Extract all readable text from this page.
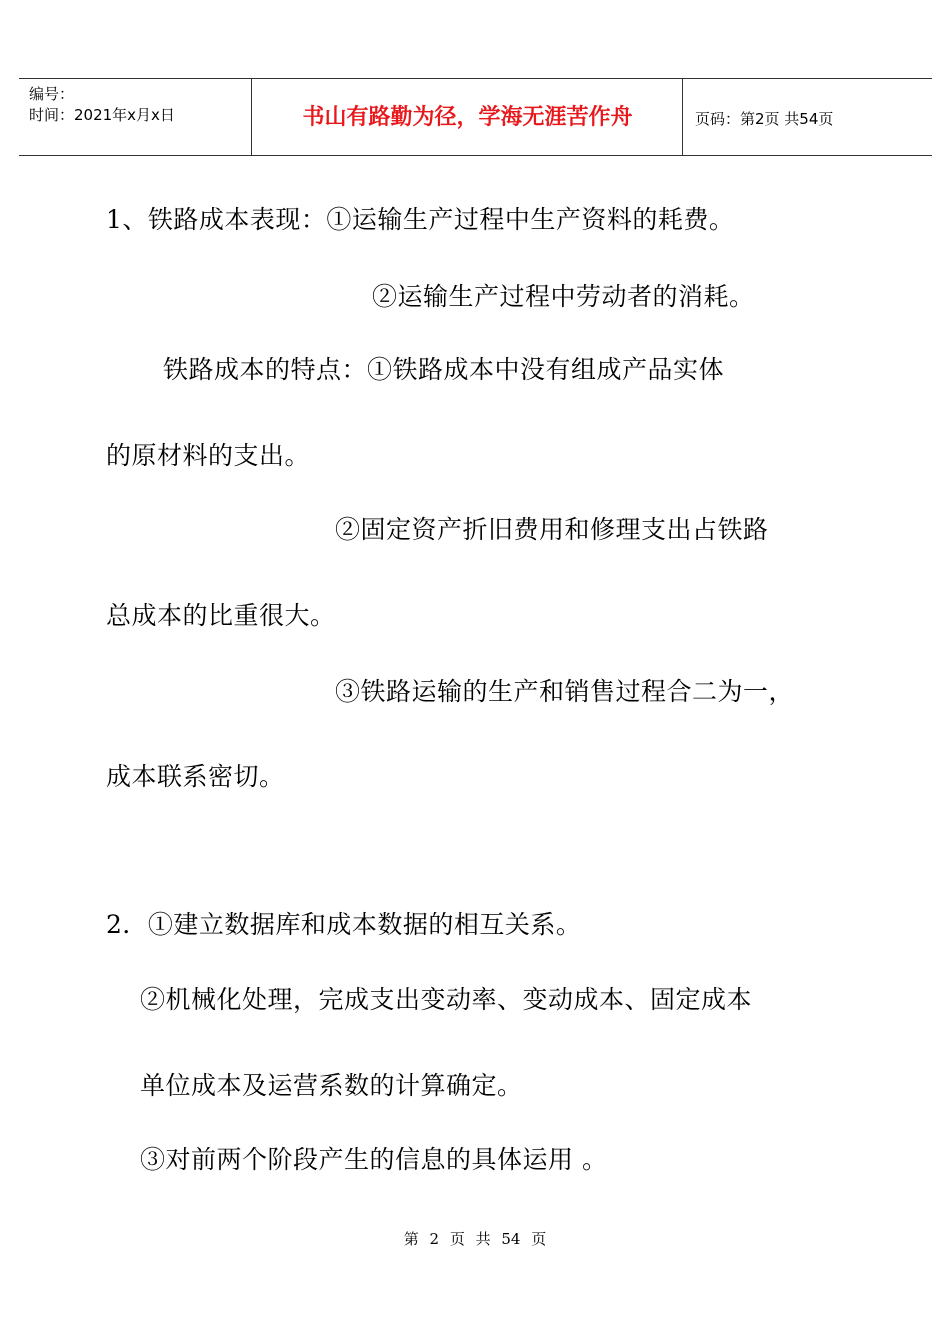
编号：
时间：2021年x月x日	书山有路勤为径，学海无涯苦作舟	页码：第2页 共54页
1、铁路成本表现：①运输生产过程中生产资料的耗费。
②运输生产过程中劳动者的消耗。
铁路成本的特点：①铁路成本中没有组成产品实体
的原材料的支出。
②固定资产折旧费用和修理支出占铁路
总成本的比重很大。
③铁路运输的生产和销售过程合二为一，
成本联系密切。
2．①建立数据库和成本数据的相互关系。
②机械化处理，完成支出变动率、变动成本、固定成本
单位成本及运营系数的计算确定。
③对前两个阶段产生的信息的具体运用 。
第 2 页 共 54 页
